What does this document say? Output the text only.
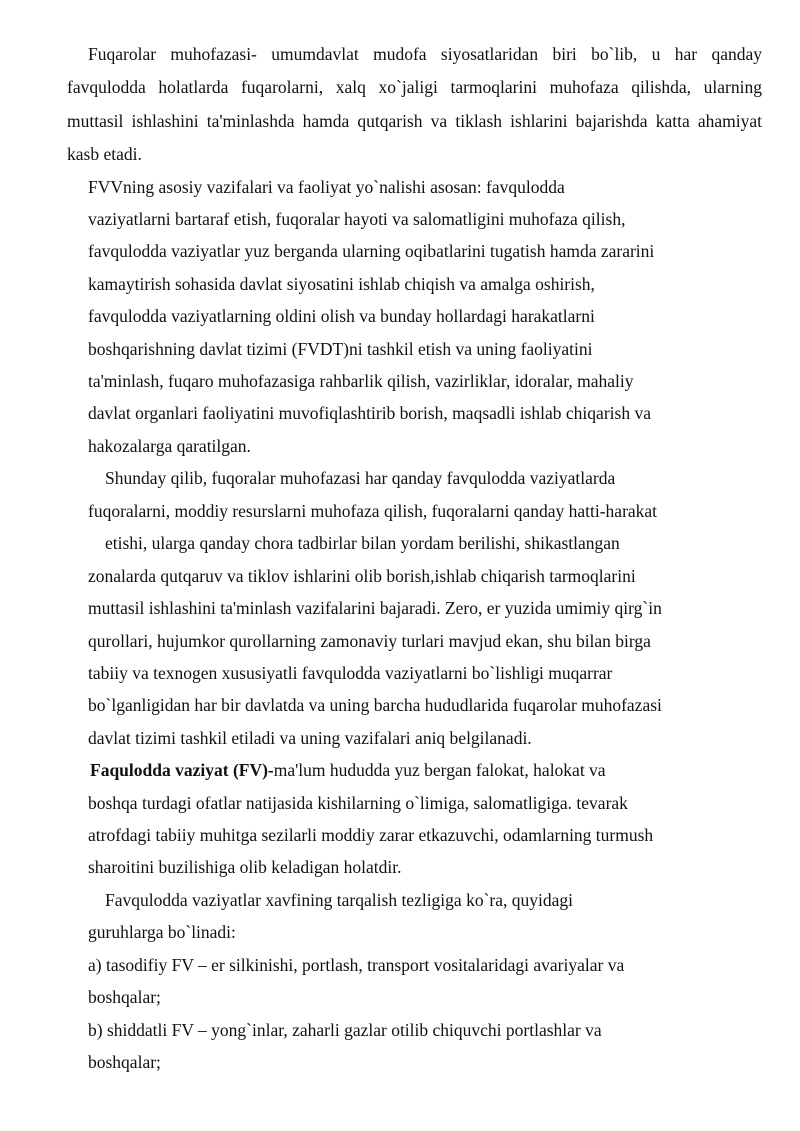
Fuqarolar muhofazasi- umumdavlat mudofa siyosatlaridan biri bo`lib, u har qanday
favqulodda holatlarda fuqarolarni, xalq xo`jaligi tarmoqlarini muhofaza qilishda, ularning
muttasil ishlashini ta'minlashda hamda qutqarish va tiklash ishlarini bajarishda katta ahamiyat
kasb etadi.
FVVning asosiy vazifalari va faoliyat yo`nalishi asosan: favqulodda
vaziyatlarni bartaraf etish, fuqoralar hayoti va salomatligini muhofaza qilish,
favqulodda vaziyatlar yuz berganda ularning oqibatlarini tugatish hamda zararini
kamaytirish sohasida davlat siyosatini ishlab chiqish va amalga oshirish,
favqulodda vaziyatlarning oldini olish va bunday hollardagi harakatlarni
boshqarishning davlat tizimi (FVDT)ni tashkil etish va uning faoliyatini
ta'minlash, fuqaro muhofazasiga rahbarlik qilish, vazirliklar, idoralar, mahaliy
davlat organlari faoliyatini muvofiqlashtirib borish, maqsadli ishlab chiqarish va
hakozalarga qaratilgan.
Shunday qilib, fuqoralar muhofazasi har qanday favqulodda vaziyatlarda
fuqoralarni, moddiy resurslarni muhofaza qilish, fuqoralarni qanday hatti-harakat
etishi, ularga qanday chora tadbirlar bilan yordam berilishi, shikastlangan
zonalarda qutqaruv va tiklov ishlarini olib borish,ishlab chiqarish tarmoqlarini
muttasil ishlashini ta'minlash vazifalarini bajaradi. Zero, er yuzida umimiy qirg`in
qurollari, hujumkor qurollarning zamonaviy turlari mavjud ekan, shu bilan birga
tabiiy va texnogen xususiyatli favqulodda vaziyatlarni bo`lishligi muqarrar
bo`lganligidan har bir davlatda va uning barcha hududlarida fuqarolar muhofazasi
davlat tizimi tashkil etiladi va uning vazifalari aniq belgilanadi.
Faqulodda vaziyat (FV)-ma'lum hududda yuz bergan falokat, halokat va
boshqa turdagi ofatlar natijasida kishilarning o`limiga, salomatligiga. tevarak
atrofdagi tabiiy muhitga sezilarli moddiy zarar etkazuvchi, odamlarning turmush
sharoitini buzilishiga olib keladigan holatdir.
Favqulodda vaziyatlar xavfining tarqalish tezligiga ko`ra, quyidagi
guruhlarga bo`linadi:
a) tasodifiy FV – er silkinishi, portlash, transport vositalaridagi avariyalar va
boshqalar;
b) shiddatli FV – yong`inlar, zaharli gazlar otilib chiquvchi portlashlar va
boshqalar;
